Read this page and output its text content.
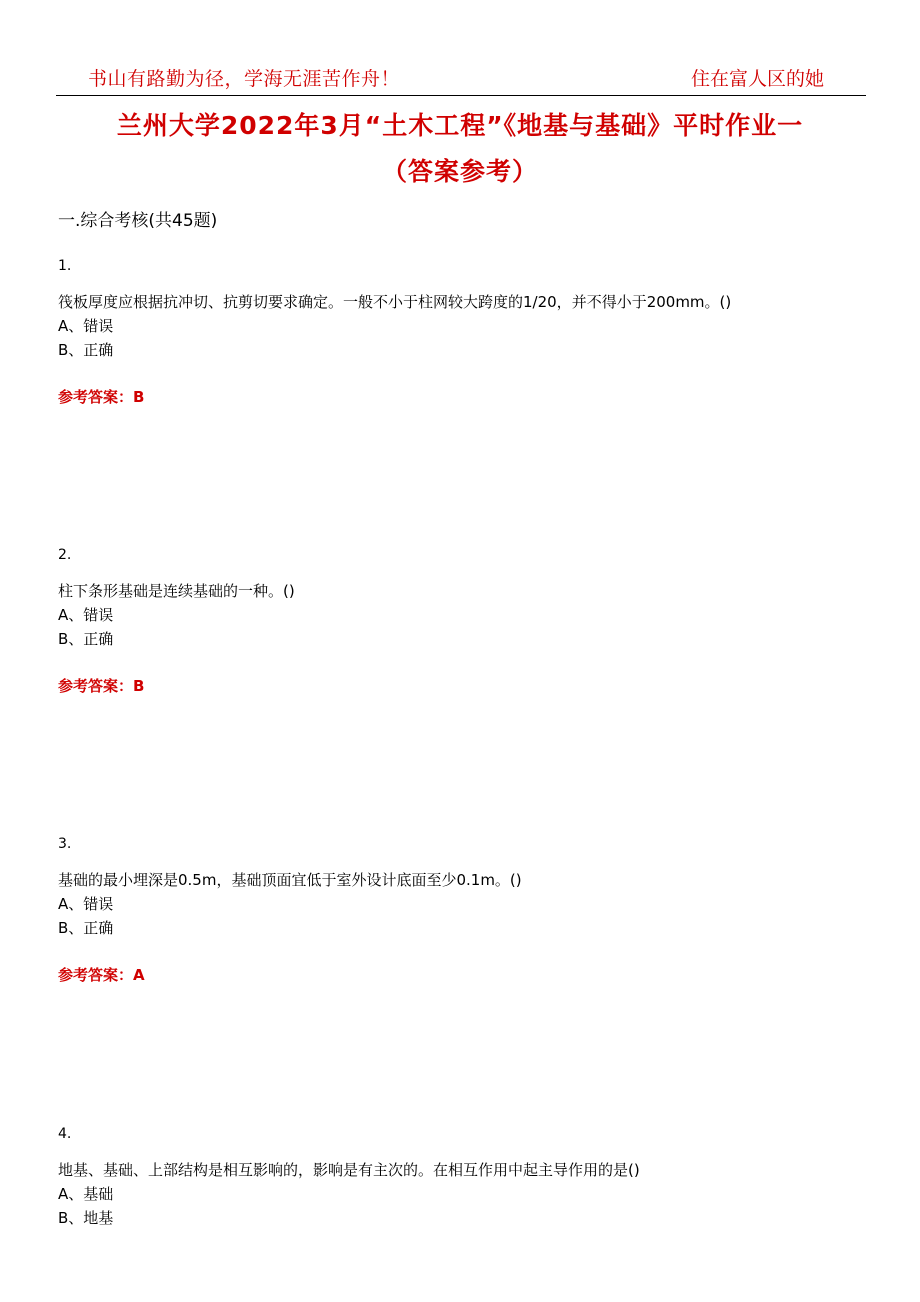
书山有路勤为径，学海无涯苦作舟！	住在富人区的她
兰州大学2022年3月“土木工程”《地基与基础》平时作业一
（答案参考）
一.综合考核(共45题)
1.
筏板厚度应根据抗冲切、抗剪切要求确定。一般不小于柱网较大跨度的1/20，并不得小于200mm。()
A、错误
B、正确
参考答案：B
2.
柱下条形基础是连续基础的一种。()
A、错误
B、正确
参考答案：B
3.
基础的最小埋深是0.5m，基础顶面宜低于室外设计底面至少0.1m。()
A、错误
B、正确
参考答案：A
4.
地基、基础、上部结构是相互影响的，影响是有主次的。在相互作用中起主导作用的是()
A、基础
B、地基
